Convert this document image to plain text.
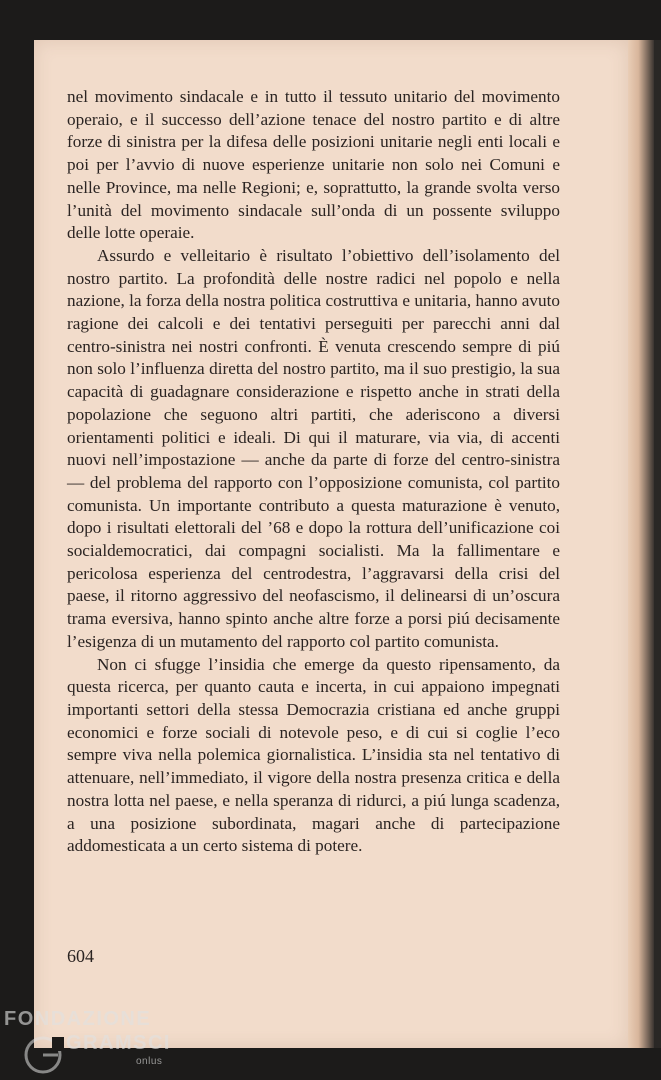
nel movimento sindacale e in tutto il tessuto unitario del movimento operaio, e il successo dell’azione tenace del nostro partito e di altre forze di sinistra per la difesa delle posizioni unitarie negli enti locali e poi per l’avvio di nuove esperienze unitarie non solo nei Comuni e nelle Province, ma nelle Regioni; e, soprattutto, la grande svolta verso l’unità del movimento sindacale sull’onda di un possente sviluppo delle lotte operaie.

Assurdo e velleitario è risultato l’obiettivo dell’isolamento del nostro partito. La profondità delle nostre radici nel popolo e nella nazione, la forza della nostra politica costruttiva e unitaria, hanno avuto ragione dei calcoli e dei tentativi perseguiti per parecchi anni dal centro-sinistra nei nostri confronti. È venuta crescendo sempre di piú non solo l’influenza diretta del nostro partito, ma il suo prestigio, la sua capacità di guadagnare considerazione e rispetto anche in strati della popolazione che seguono altri partiti, che aderiscono a diversi orientamenti politici e ideali. Di qui il maturare, via via, di accenti nuovi nell’impostazione — anche da parte di forze del centro-sinistra — del problema del rapporto con l’opposizione comunista, col partito comunista. Un importante contributo a questa maturazione è venuto, dopo i risultati elettorali del ’68 e dopo la rottura dell’unificazione coi socialdemocratici, dai compagni socialisti. Ma la fallimentare e pericolosa esperienza del centrodestra, l’aggravarsi della crisi del paese, il ritorno aggressivo del neofascismo, il delinearsi di un’oscura trama eversiva, hanno spinto anche altre forze a porsi piú decisamente l’esigenza di un mutamento del rapporto col partito comunista.

Non ci sfugge l’insidia che emerge da questo ripensamento, da questa ricerca, per quanto cauta e incerta, in cui appaiono impegnati importanti settori della stessa Democrazia cristiana ed anche gruppi economici e forze sociali di notevole peso, e di cui si coglie l’eco sempre viva nella polemica giornalistica. L’insidia sta nel tentativo di attenuare, nell’immediato, il vigore della nostra presenza critica e della nostra lotta nel paese, e nella speranza di ridurci, a piú lunga scadenza, a una posizione subordinata, magari anche di partecipazione addomesticata a un certo sistema di potere.

604
FONDAZIONE
GRAMSCI
onlus
